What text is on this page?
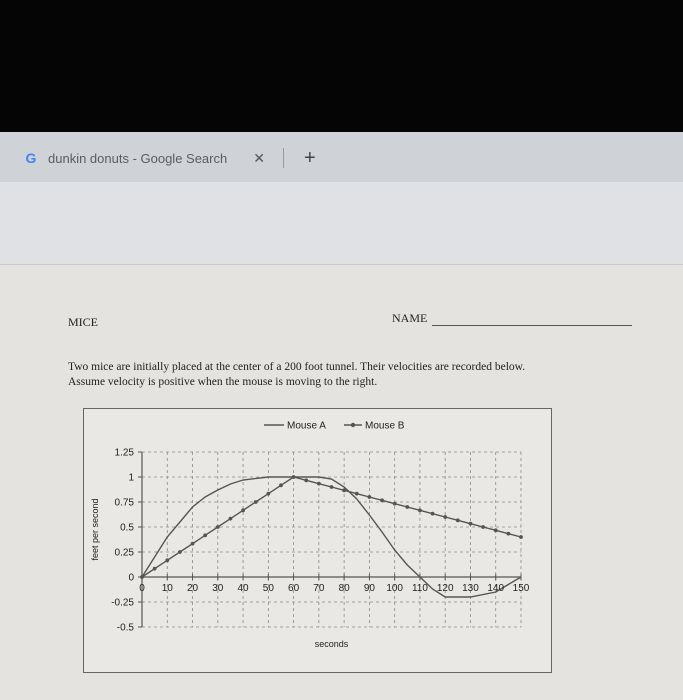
G dunkin donuts - Google Search ✕ +
MICE	NAME
Two mice are initially placed at the center of a 200 foot tunnel. Their velocities are recorded below.
Assume velocity is positive when the mouse is moving to the right.
1.25
1
0.75
0.5
0.25
0
-0.25
-0.5
0 10 20 30 40 50 60 70 80 90 100 110 120 130 140 150
seconds
feet per second
Mouse A	Mouse B
